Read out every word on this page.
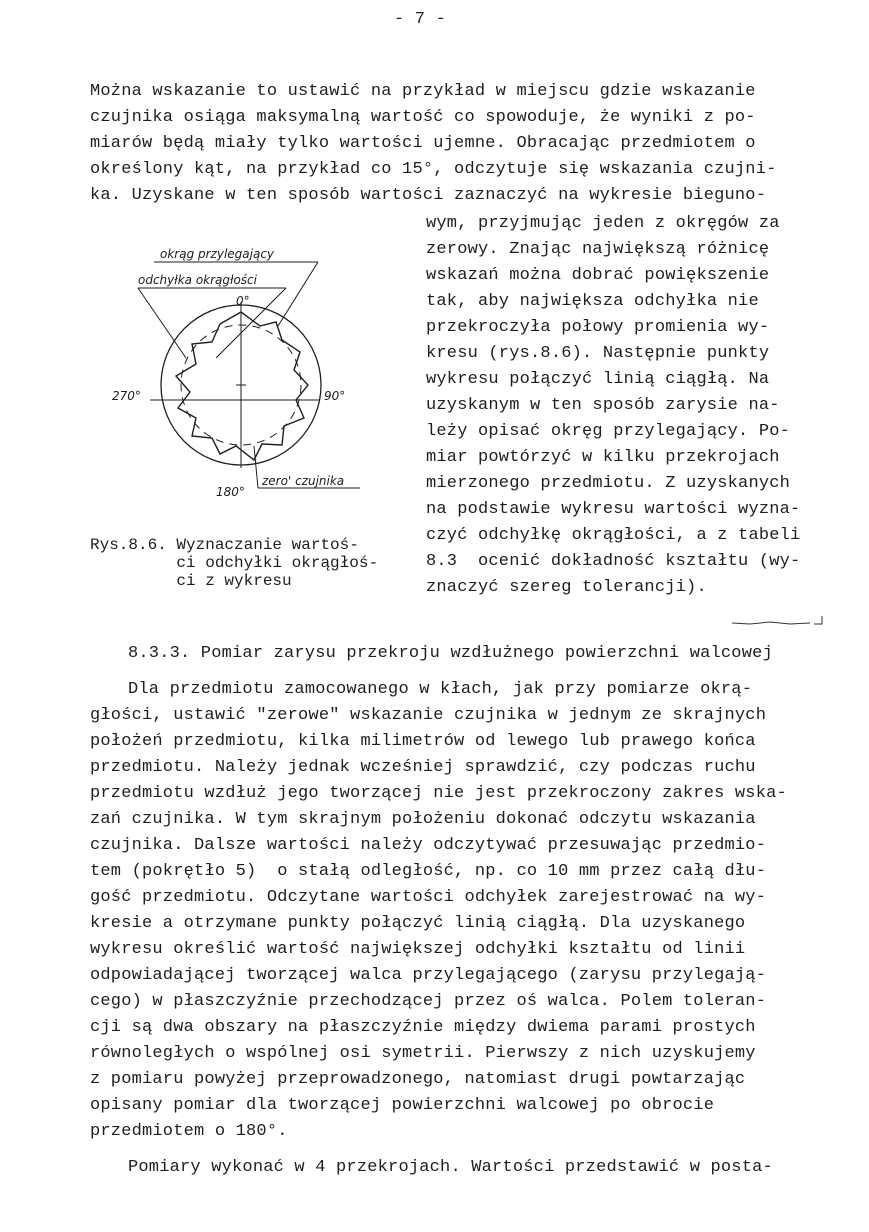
- 7 -
Można wskazanie to ustawić na przykład w miejscu gdzie wskazanie
czujnika osiąga maksymalną wartość co spowoduje, że wyniki z po-
miarów będą miały tylko wartości ujemne. Obracając przedmiotem o
określony kąt, na przykład co 15°, odczytuje się wskazania czujni-
ka. Uzyskane w ten sposób wartości zaznaczyć na wykresie bieguno-
wym, przyjmując jeden z okręgów za
zerowy. Znając największą różnicę
wskazań można dobrać powiększenie
tak, aby największa odchyłka nie
przekroczyła połowy promienia wy-
kresu (rys.8.6). Następnie punkty
wykresu połączyć linią ciągłą. Na
uzyskanym w ten sposób zarysie na-
leży opisać okręg przylegający. Po-
miar powtórzyć w kilku przekrojach
mierzonego przedmiotu. Z uzyskanych
na podstawie wykresu wartości wyzna-
czyć odchyłkę okrągłości, a z tabeli
8.3  ocenić dokładność kształtu (wy-
znaczyć szereg tolerancji).
okrąg przylegający
odchyłka okrągłości
0°
90°
270°
180°
zero' czujnika
Rys.8.6. Wyznaczanie wartoś-
ci odchyłki okrągłoś-
ci z wykresu
8.3.3. Pomiar zarysu przekroju wzdłużnego powierzchni walcowej
Dla przedmiotu zamocowanego w kłach, jak przy pomiarze okrą-
głości, ustawić "zerowe" wskazanie czujnika w jednym ze skrajnych
położeń przedmiotu, kilka milimetrów od lewego lub prawego końca
przedmiotu. Należy jednak wcześniej sprawdzić, czy podczas ruchu
przedmiotu wzdłuż jego tworzącej nie jest przekroczony zakres wska-
zań czujnika. W tym skrajnym położeniu dokonać odczytu wskazania
czujnika. Dalsze wartości należy odczytywać przesuwając przedmio-
tem (pokrętło 5)  o stałą odległość, np. co 10 mm przez całą dłu-
gość przedmiotu. Odczytane wartości odchyłek zarejestrować na wy-
kresie a otrzymane punkty połączyć linią ciągłą. Dla uzyskanego
wykresu określić wartość największej odchyłki kształtu od linii
odpowiadającej tworzącej walca przylegającego (zarysu przylegają-
cego) w płaszczyźnie przechodzącej przez oś walca. Polem toleran-
cji są dwa obszary na płaszczyźnie między dwiema parami prostych
równoległych o wspólnej osi symetrii. Pierwszy z nich uzyskujemy
z pomiaru powyżej przeprowadzonego, natomiast drugi powtarzając
opisany pomiar dla tworzącej powierzchni walcowej po obrocie
przedmiotem o 180°.
Pomiary wykonać w 4 przekrojach. Wartości przedstawić w posta-
